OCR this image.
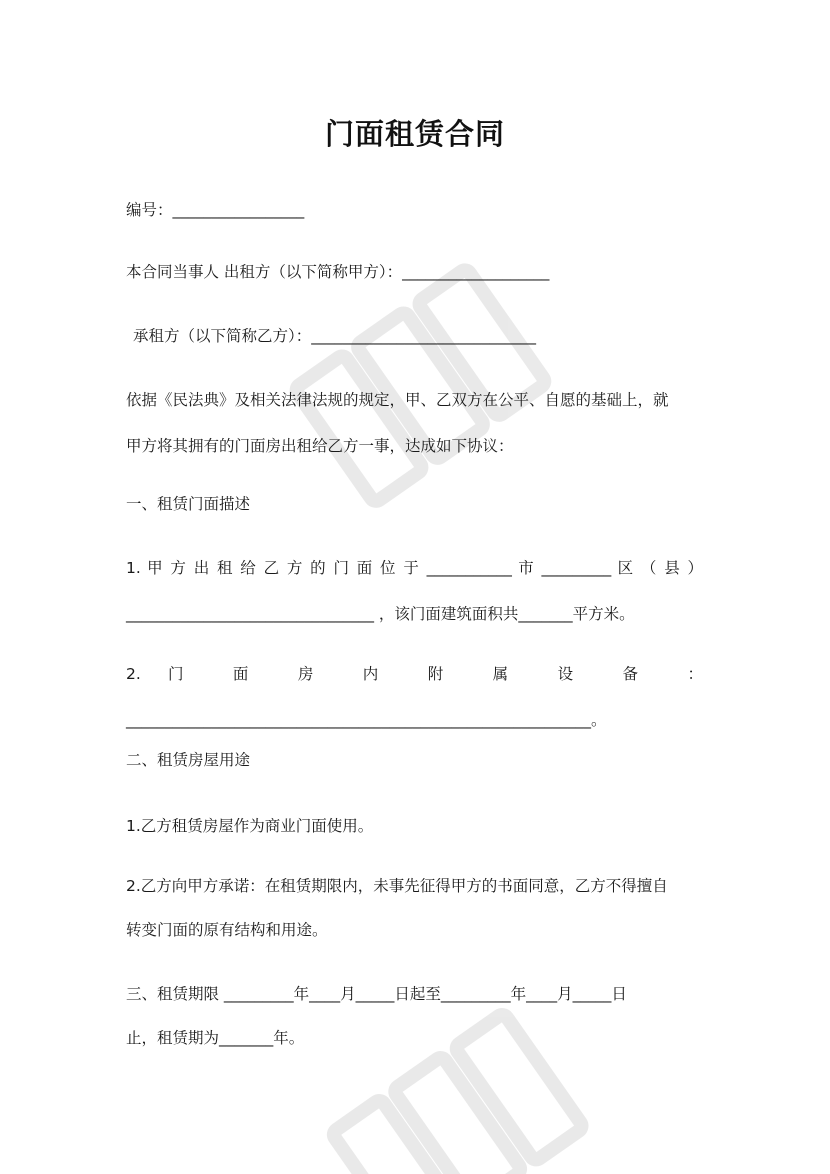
门面租赁合同
编号：_________________
本合同当事人 出租方（以下简称甲方）：___________________
承租方（以下简称乙方）：_____________________________
依据《民法典》及相关法律法规的规定，甲、乙双方在公平、自愿的基础上，就
甲方将其拥有的门面房出租给乙方一事，达成如下协议：
一、租赁门面描述
1. 甲 方 出 租 给 乙 方 的 门 面 位 于 ___________ 市 _________ 区 （ 县 ）
________________________________ ，该门面建筑面积共_______平方米。
2. 门 面 房 内 附 属 设 备 ：
____________________________________________________________。
二、租赁房屋用途
1.乙方租赁房屋作为商业门面使用。
2.乙方向甲方承诺：在租赁期限内，未事先征得甲方的书面同意，乙方不得擅自
转变门面的原有结构和用途。
三、租赁期限 _________年____月_____日起至_________年____月_____日
止，租赁期为_______年。
